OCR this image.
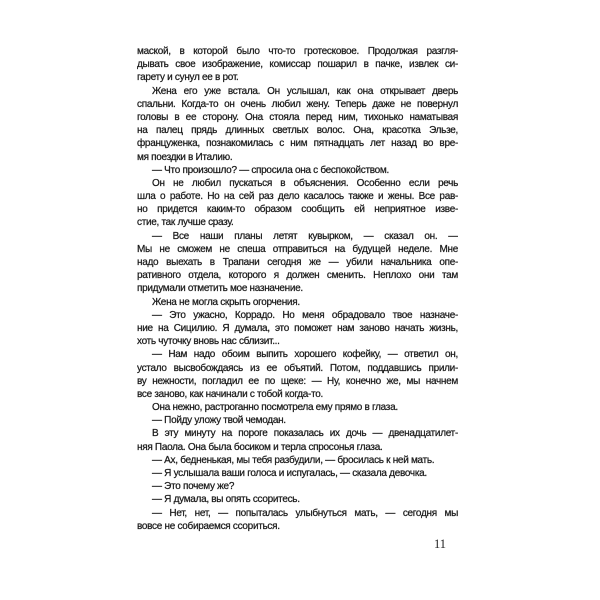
маской, в которой было что-то гротесковое. Продолжая разгля-
дывать свое изображение, комиссар пошарил в пачке, извлек си-
гарету и сунул ее в рот.
Жена его уже встала. Он услышал, как она открывает дверь
спальни. Когда-то он очень любил жену. Теперь даже не повернул
головы в ее сторону. Она стояла перед ним, тихонько наматывая
на палец прядь длинных светлых волос. Она, красотка Эльзе,
француженка, познакомилась с ним пятнадцать лет назад во вре-
мя поездки в Италию.
— Что произошло? — спросила она с беспокойством.
Он не любил пускаться в объяснения. Особенно если речь
шла о работе. Но на сей раз дело касалось также и жены. Все рав-
но придется каким-то образом сообщить ей неприятное изве-
стие, так лучше сразу.
— Все наши планы летят кувырком, — сказал он. —
Мы не сможем не спеша отправиться на будущей неделе. Мне
надо выехать в Трапани сегодня же — убили начальника опе-
ративного отдела, которого я должен сменить. Неплохо они там
придумали отметить мое назначение.
Жена не могла скрыть огорчения.
— Это ужасно, Коррадо. Но меня обрадовало твое назначе-
ние на Сицилию. Я думала, это поможет нам заново начать жизнь,
хоть чуточку вновь нас сблизит...
— Нам надо обоим выпить хорошего кофейку, — ответил он,
устало высвобождаясь из ее объятий. Потом, поддавшись прили-
ву нежности, погладил ее по щеке: — Ну, конечно же, мы начнем
все заново, как начинали с тобой когда-то.
Она нежно, растроганно посмотрела ему прямо в глаза.
— Пойду уложу твой чемодан.
В эту минуту на пороге показалась их дочь — двенадцатилет-
няя Паола. Она была босиком и терла спросонья глаза.
— Ах, бедненькая, мы тебя разбудили, — бросилась к ней мать.
— Я услышала ваши голоса и испугалась, — сказала девочка.
— Это почему же?
— Я думала, вы опять ссоритесь.
— Нет, нет, — попыталась улыбнуться мать, — сегодня мы
вовсе не собираемся ссориться.
11
